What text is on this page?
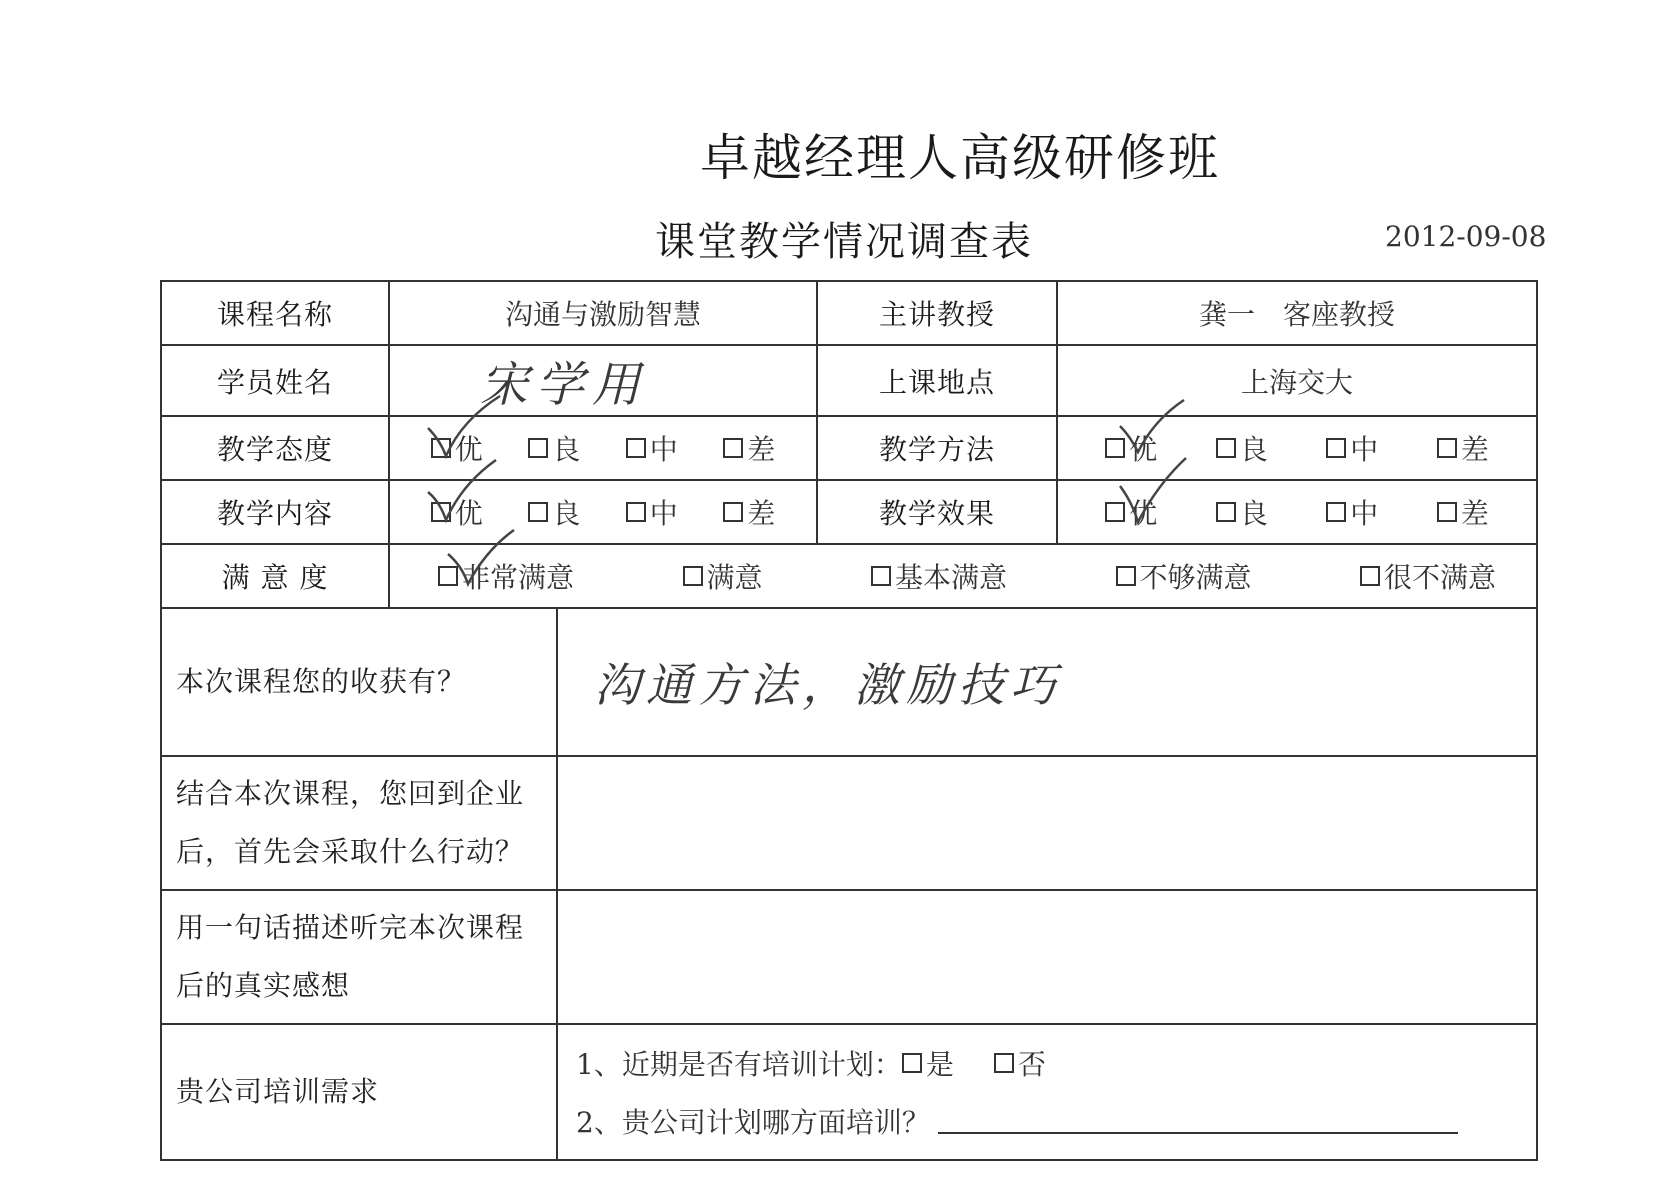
卓越经理人高级研修班
课堂教学情况调查表	2012-09-08
课程名称	沟通与激励智慧		主讲教授	龚一　客座教授
学员姓名	宋学用		上课地点	上海交大
教学态度	优 良 中 差		教学方法	优 良 中 差

教学内容	优 良 中 差		教学效果	优 良 中 差

满 意 度	非常满意 满意 基本满意 不够满意 很不满意			

本次课程您的收获有？		沟通方法，激励技巧		
结合本次课程，您回到企业后，首先会采取什么行动？				
用一句话描述听完本次课程后的真实感想				
贵公司培训需求		1、近期是否有培训计划： 是 否
2、贵公司计划哪方面培训？		
